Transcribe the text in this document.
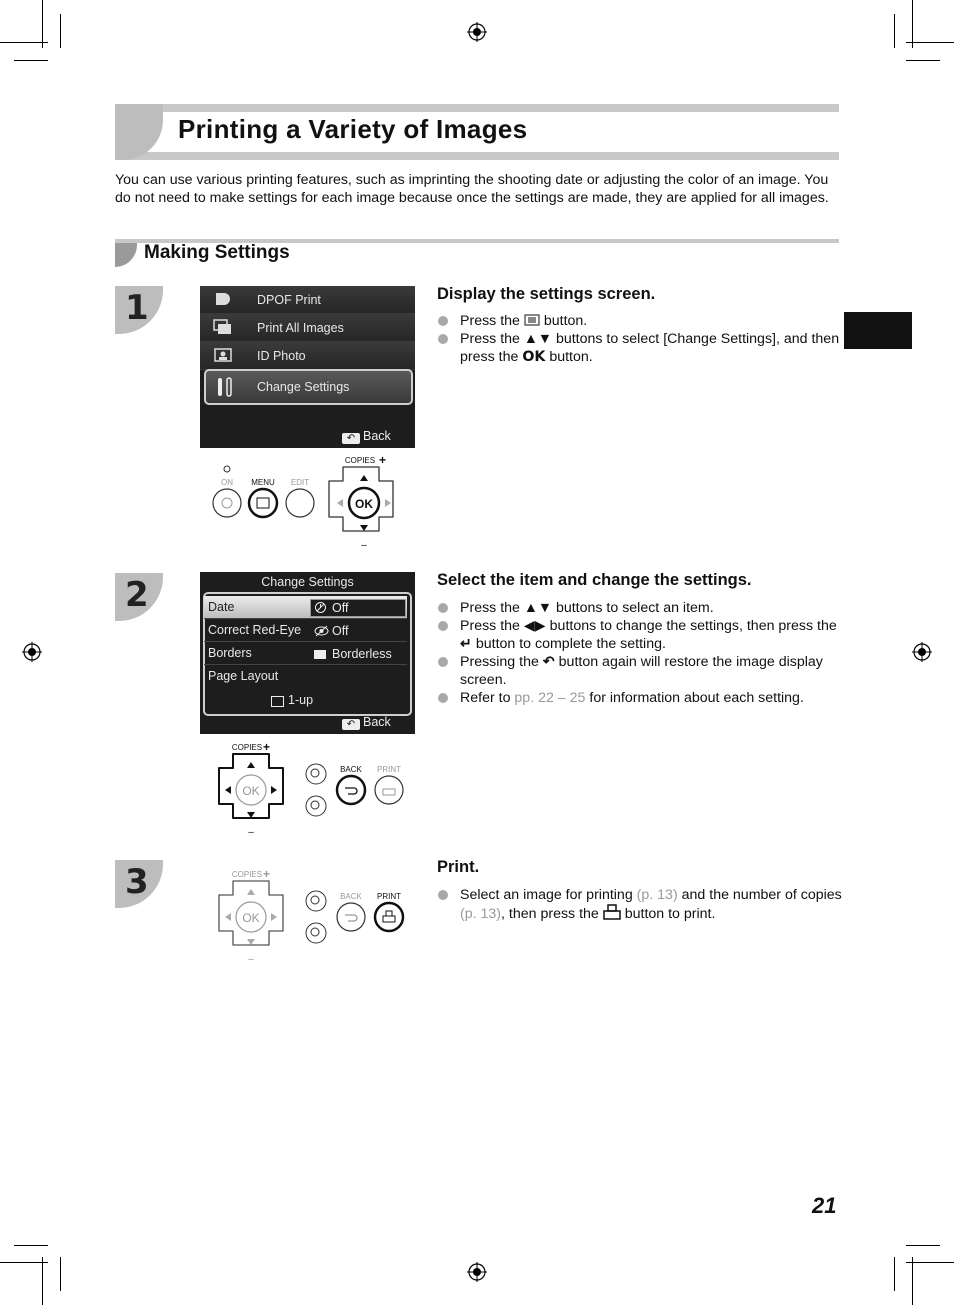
Printing a Variety of Images
You can use various printing features, such as imprinting the shooting date or adjusting the color of an image. You do not need to make settings for each image because once the settings are made, they are applied for all images.
Making Settings
1	DPOF Print
Print All Images
ID Photo
Change Settings
↶ Back
ON MENU EDIT
COPIES +
OK
–
Display the settings screen.
Press the button.
Press the ▲▼ buttons to select [Change Settings], and then press the OK button.
2	Change Settings
Date	Off
Correct Red-Eye Off
Borders	Borderless
Page Layout
1-up
↶ Back
COPIES +
OK
–
BACK PRINT
Select the item and change the settings.
Press the ▲▼ buttons to select an item.
Press the ◀▶ buttons to change the settings, then press the ↵ button to complete the setting.
Pressing the ↶ button again will restore the image display screen.
Refer to pp. 22 – 25 for information about each setting.
3	COPIES +
OK
–
BACK PRINT
Print.
Select an image for printing (p. 13) and the number of copies (p. 13), then press the button to print.
21
